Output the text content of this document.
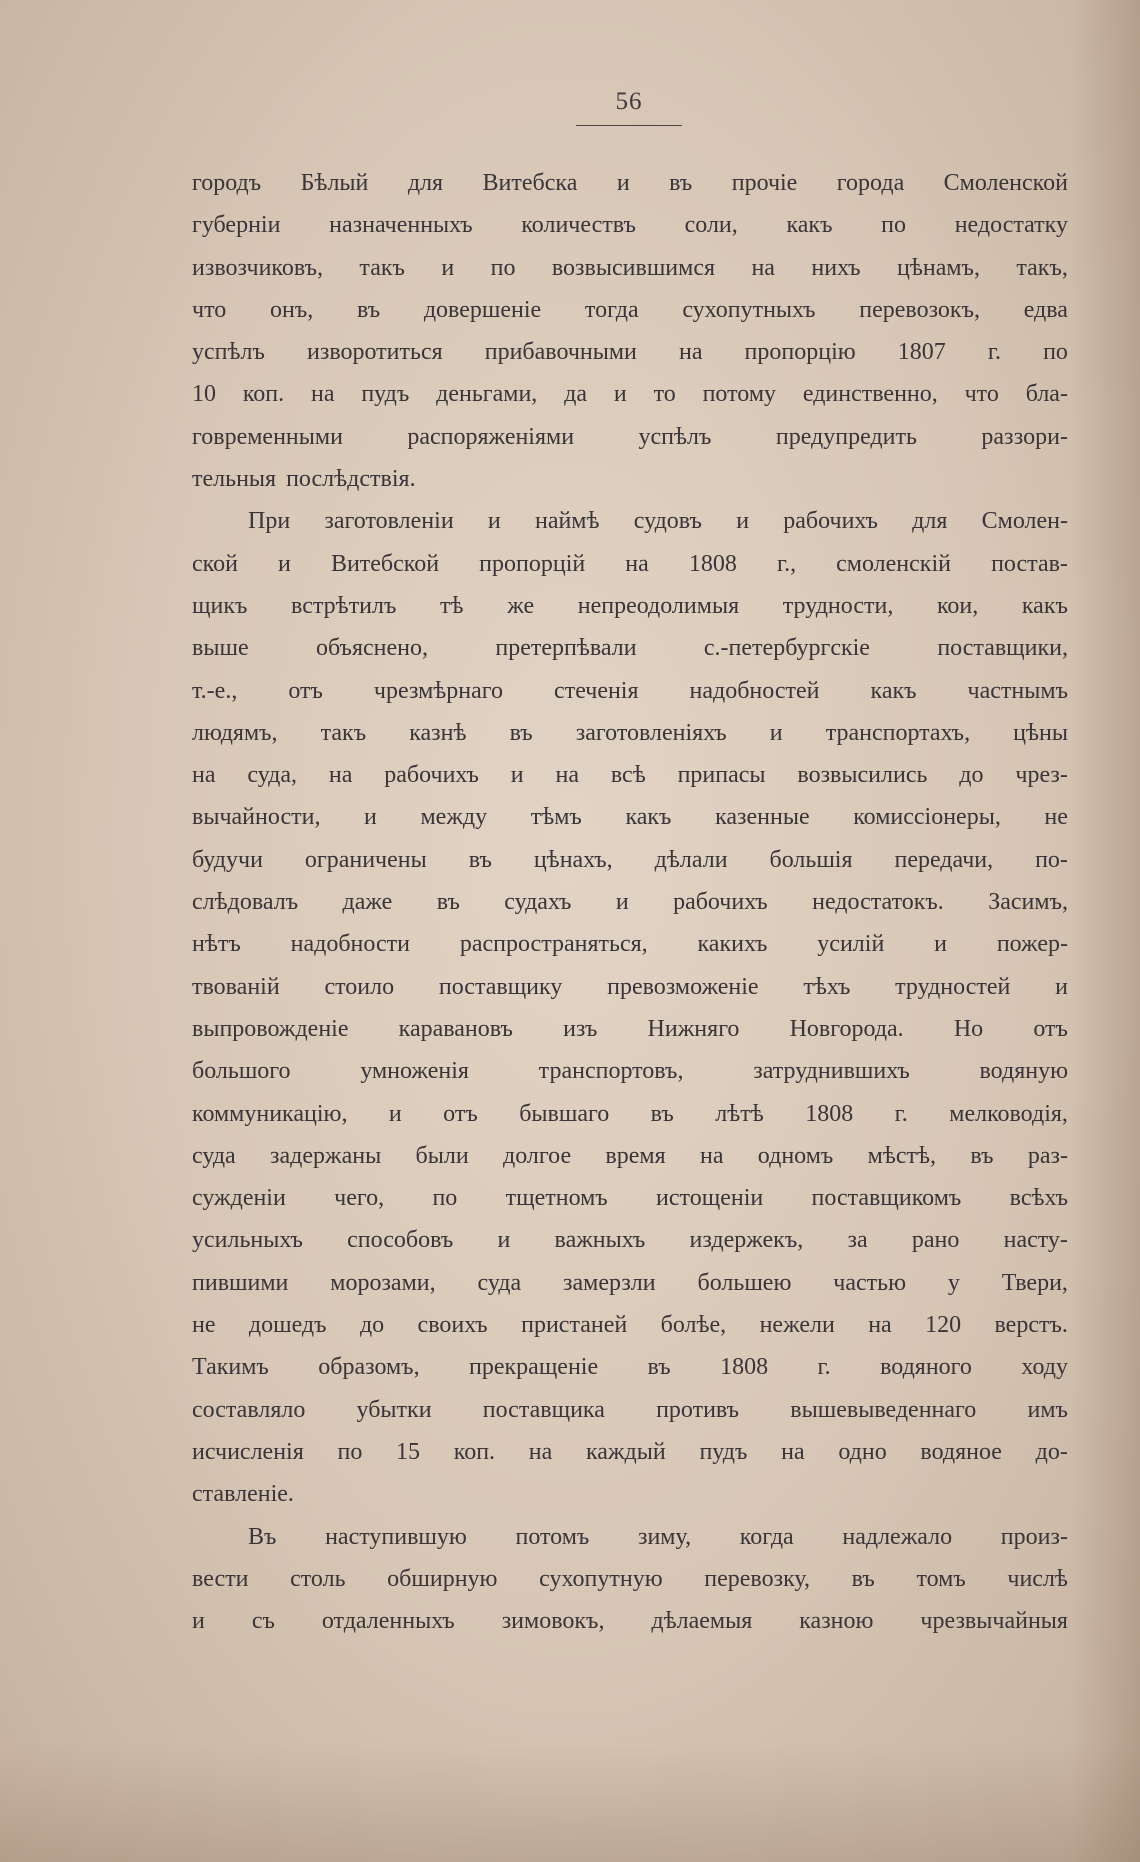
56
городъ Бѣлый для Витебска и въ прочіе города Смоленской
губерніи назначенныхъ количествъ соли, какъ по недостатку
извозчиковъ, такъ и по возвысившимся на нихъ цѣнамъ, такъ,
что онъ, въ довершеніе тогда сухопутныхъ перевозокъ, едва
успѣлъ извоpотиться прибавочными на пропорцію 1807 г. по
10 коп. на пудъ деньгами, да и то потому единственно, что бла-
говременными	распоряженіями	успѣлъ	предупредить	раззори-
тельныя послѣдствія.
При заготовленіи и наймѣ судовъ и рабочихъ для Смолен-
ской и Витебской пропорцій на 1808 г., смоленскій постав-
щикъ встрѣтилъ тѣ же непреодолимыя трудности, кои, какъ
выше	объяснено,	претерпѣвали	с.-петербургскіе	поставщики,
т.-е., отъ чрезмѣрнаго стеченія надобностей какъ частнымъ
людямъ, такъ казнѣ въ заготовленіяхъ и транспортахъ, цѣны
на суда, на рабочихъ и на всѣ припасы возвысились до чрез-
вычайности, и между тѣмъ какъ казенные комиссіонеры, не
будучи ограничены въ цѣнахъ, дѣлали большія передачи, по-
слѣдовалъ даже въ судахъ и рабочихъ недостатокъ. Засимъ,
нѣтъ надобности распространяться, какихъ усилій и пожер-
твованій стоило поставщику превозможеніе тѣхъ трудностей и
выпровожденіе каравановъ изъ Нижняго Новгорода. Но отъ
большого	умноженія	транспортовъ,	затруднившихъ	водяную
коммуникацію, и отъ бывшаго въ лѣтѣ 1808 г. мелководія,
суда задержаны были долгое время на одномъ мѣстѣ, въ раз-
сужденіи чего, по тщетномъ истощеніи поставщикомъ всѣхъ
усильныхъ способовъ и важныхъ издержекъ, за рано насту-
пившими морозами, суда замерзли большею частью у Твери,
не дошедъ до своихъ пристаней болѣе, нежели на 120 верстъ.
Такимъ образомъ, прекращеніе въ 1808 г. водяного ходу
составляло убытки поставщика противъ вышевыведеннаго имъ
исчисленія по 15 коп. на каждый пудъ на одно водяное до-
ставленіе.
Въ наступившую потомъ зиму, когда надлежало произ-
вести столь обширную сухопутную перевозку, въ томъ числѣ
и съ отдаленныхъ зимовокъ, дѣлаемыя казною чрезвычайныя
